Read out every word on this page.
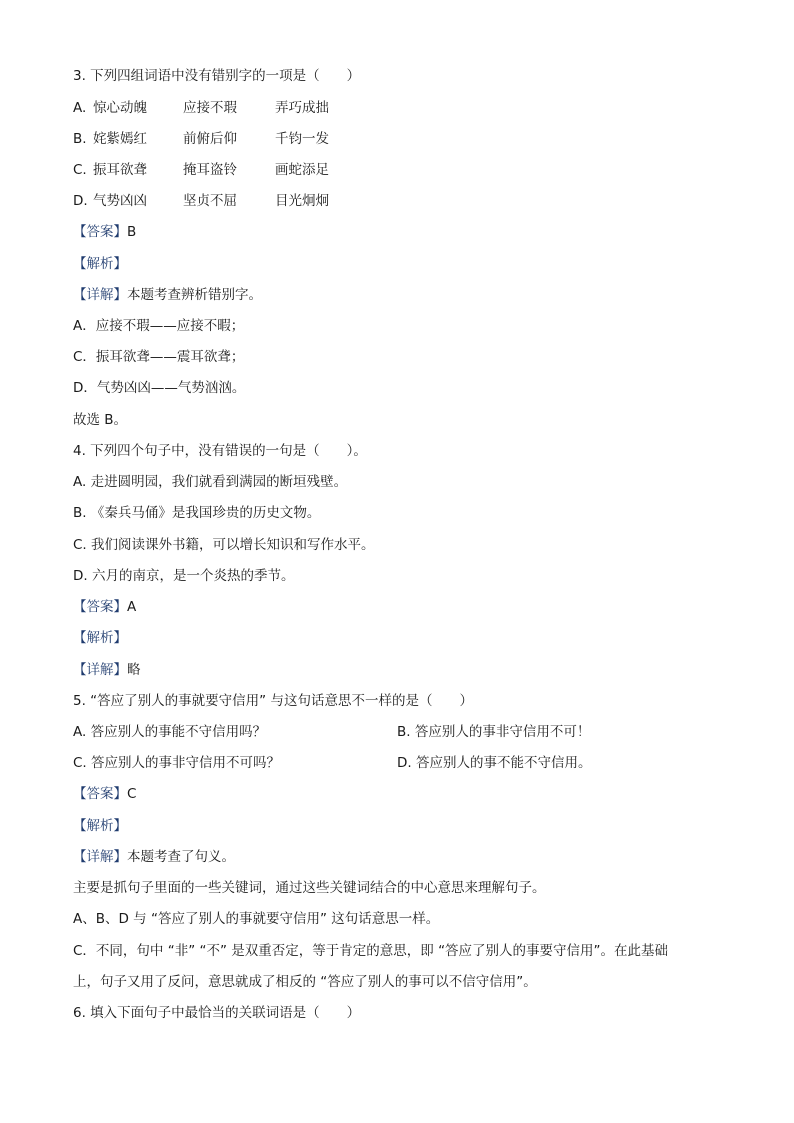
3. 下列四组词语中没有错别字的一项是（　　）
A. 惊心动魄	应接不瑕	弄巧成拙
B. 姹紫嫣红	前俯后仰	千钧一发
C. 振耳欲聋	掩耳盗铃	画蛇添足
D. 气势凶凶	坚贞不屈	目光炯炯
【答案】B
【解析】
【详解】本题考查辨析错别字。
A．应接不瑕——应接不暇；
C．振耳欲聋——震耳欲聋；
D．气势凶凶——气势汹汹。
故选 B。
4. 下列四个句子中，没有错误的一句是（　　）。
A. 走进圆明园，我们就看到满园的断垣残壁。
B. 《秦兵马俑》是我国珍贵的历史文物。
C. 我们阅读课外书籍，可以增长知识和写作水平。
D. 六月的南京，是一个炎热的季节。
【答案】A
【解析】
【详解】略
5. “答应了别人的事就要守信用” 与这句话意思不一样的是（　　）
A. 答应别人的事能不守信用吗？	B. 答应别人的事非守信用不可！
C. 答应别人的事非守信用不可吗？	D. 答应别人的事不能不守信用。
【答案】C
【解析】
【详解】本题考查了句义。
主要是抓句子里面的一些关键词，通过这些关键词结合的中心意思来理解句子。
A、B、D 与 “答应了别人的事就要守信用” 这句话意思一样。
C．不同，句中 “非” “不” 是双重否定，等于肯定的意思，即 “答应了别人的事要守信用”。在此基础
上，句子又用了反问，意思就成了相反的 “答应了别人的事可以不信守信用”。
6. 填入下面句子中最恰当的关联词语是（　　）
